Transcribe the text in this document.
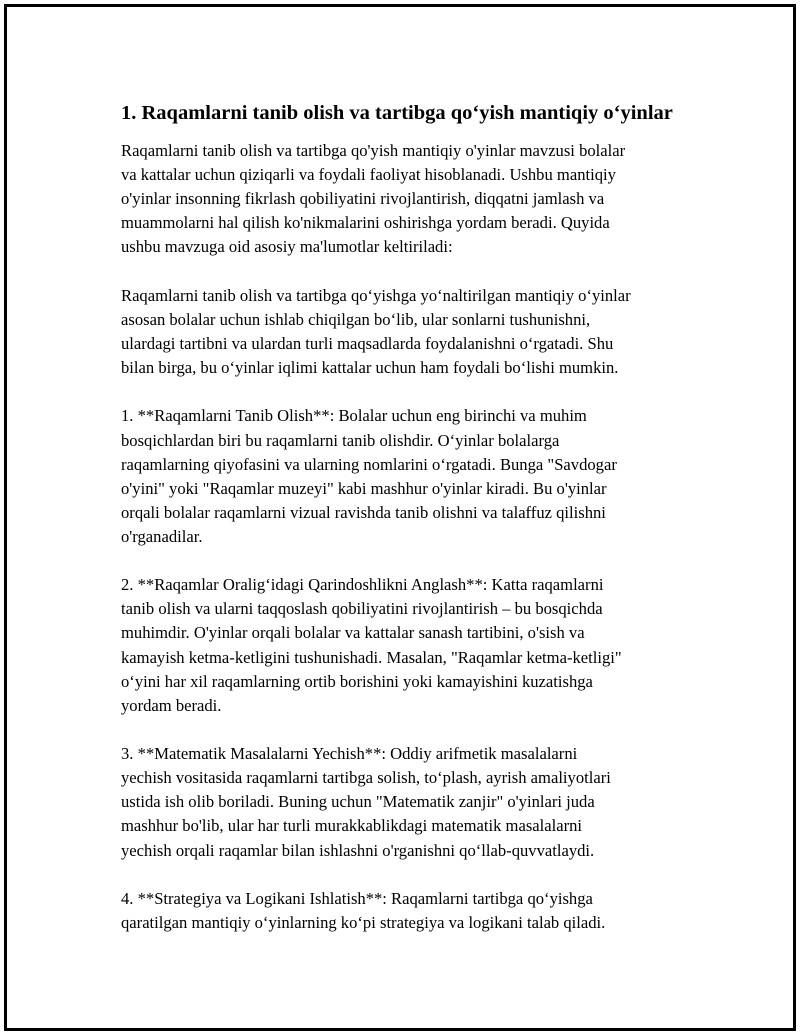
1. Raqamlarni tanib olish va tartibga qo‘yish mantiqiy o‘yinlar

Raqamlarni tanib olish va tartibga qo'yish mantiqiy o'yinlar mavzusi bolalar
va kattalar uchun qiziqarli va foydali faoliyat hisoblanadi. Ushbu mantiqiy
o'yinlar insonning fikrlash qobiliyatini rivojlantirish, diqqatni jamlash va
muammolarni hal qilish ko'nikmalarini oshirishga yordam beradi. Quyida
ushbu mavzuga oid asosiy ma'lumotlar keltiriladi:

Raqamlarni tanib olish va tartibga qo‘yishga yo‘naltirilgan mantiqiy o‘yinlar
asosan bolalar uchun ishlab chiqilgan bo‘lib, ular sonlarni tushunishni,
ulardagi tartibni va ulardan turli maqsadlarda foydalanishni o‘rgatadi. Shu
bilan birga, bu o‘yinlar iqlimi kattalar uchun ham foydali bo‘lishi mumkin.

1. **Raqamlarni Tanib Olish**: Bolalar uchun eng birinchi va muhim
bosqichlardan biri bu raqamlarni tanib olishdir. O‘yinlar bolalarga
raqamlarning qiyofasini va ularning nomlarini o‘rgatadi. Bunga "Savdogar
o'yini" yoki "Raqamlar muzeyi" kabi mashhur o'yinlar kiradi. Bu o'yinlar
orqali bolalar raqamlarni vizual ravishda tanib olishni va talaffuz qilishni
o'rganadilar.

2. **Raqamlar Oralig‘idagi Qarindoshlikni Anglash**: Katta raqamlarni
tanib olish va ularni taqqoslash qobiliyatini rivojlantirish – bu bosqichda
muhimdir. O'yinlar orqali bolalar va kattalar sanash tartibini, o'sish va
kamayish ketma-ketligini tushunishadi. Masalan, "Raqamlar ketma-ketligi"
o‘yini har xil raqamlarning ortib borishini yoki kamayishini kuzatishga
yordam beradi.

3. **Matematik Masalalarni Yechish**: Oddiy arifmetik masalalarni
yechish vositasida raqamlarni tartibga solish, to‘plash, ayrish amaliyotlari
ustida ish olib boriladi. Buning uchun "Matematik zanjir" o'yinlari juda
mashhur bo'lib, ular har turli murakkablikdagi matematik masalalarni
yechish orqali raqamlar bilan ishlashni o'rganishni qo‘llab-quvvatlaydi.

4. **Strategiya va Logikani Ishlatish**: Raqamlarni tartibga qo‘yishga
qaratilgan mantiqiy o‘yinlarning ko‘pi strategiya va logikani talab qiladi.
